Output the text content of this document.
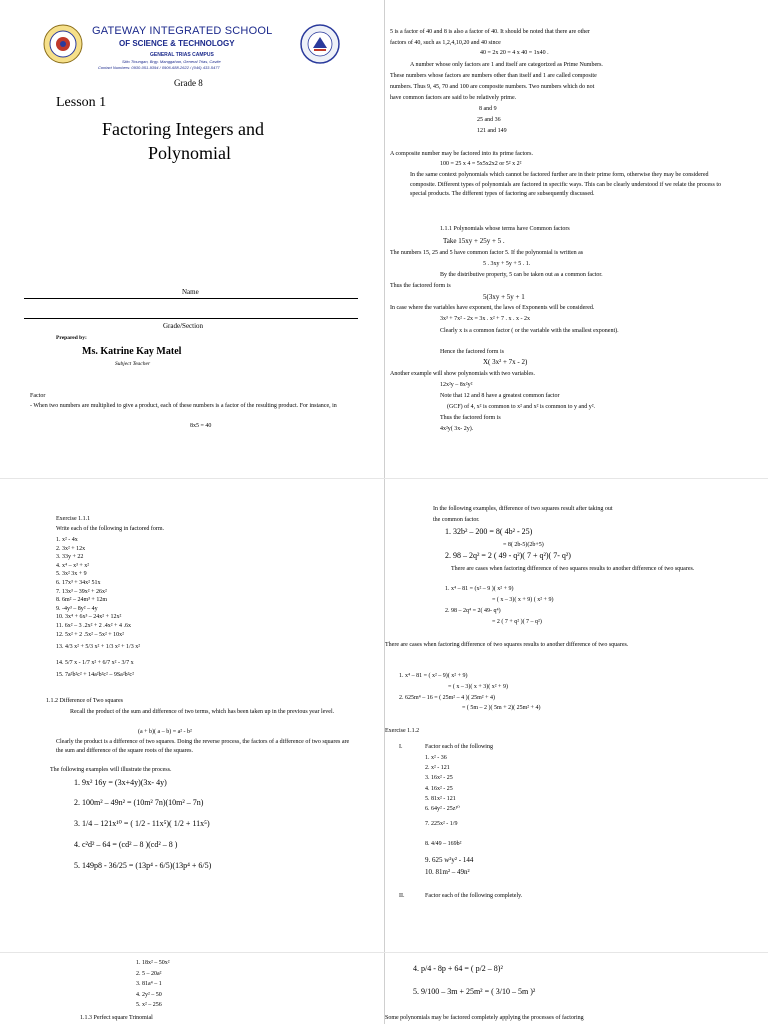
GATEWAY INTEGRATED SCHOOL
OF SCIENCE & TECHNOLOGY
GENERAL TRIAS CAMPUS
Sitio Tinungan, Brgy. Manggahan, General Trias, Cavite
Contact Numbers: 0930-051-9394 / 0906-688-2622 / (046) 433-5477
Grade 8
Lesson 1
Factoring Integers and
Polynomial
Name
Grade/Section
Prepared by:
Ms. Katrine Kay Matel
Subject Teacher
Factor
- When two numbers are multiplied to give a product, each of these numbers is a factor of the resulting product. For instance, in
8x5 = 40
5 is a factor of 40 and 8 is also a factor of 40. It should be noted that there are other
factors of 40, such as 1,2,4,10,20 and 40 since
40 = 2x 20 = 4 x 40 = 1x40 .
A number whose only factors are 1 and itself are categorized as Prime Numbers.
These numbers whose factors are numbers other than itself and 1 are called composite
numbers. Thus 9, 45, 70 and 100 are composite numbers. Two numbers which do not
have common factors are said to be relatively prime.
8 and 9
25 and 36
121 and 149
A composite number may be factored into its prime factors.
100 = 25 x 4 = 5x5x2x2 or 5² x 2²
In the same context polynomials which cannot be factored further are in their prime form, otherwise they may be considered composite. Different types of polynomials are factored in specific ways. This can be clearly understood if we relate the process to special products. The different types of factoring are subsequently discussed.
1.1.1 Polynomials whose terms have Common factors
Take 15xy + 25y + 5 .
The numbers 15, 25 and 5 have common factor 5. If the polynomial is written as
5 . 3xy + 5y + 5 . 1.
By the distributive property, 5 can be taken out as a common factor.
Thus the factored form is
5(3xy + 5y + 1
In case where the variables have exponent, the laws of Exponents will be considered.
3x³ + 7x² - 2x = 3x . x² + 7 . x . x - 2x
Clearly x is a common factor ( or the variable with the smallest exponent).
Hence the factored form is
X( 3x² + 7x - 2)
Another example will show polynomials with two variables.
12x²y – 8x²y²
Note that 12 and 8 have a greatest common factor
(GCF) of 4, x² is common to x² and x² is common to y and y².
Thus the factored form is
4x²y( 3x- 2y).
Exercise 1.1.1
Write each of the following in factored form.
1. x² - 4x
2. 3x² + 12x
3. 33y + 22
4. x⁴ – x³ + x²
5. 3x² 3x + 9
6. 17x³ + 34x² 51x
7. 13x³ – 39x² + 26x²
8. 6m² – 24m³ + 12m
9. -4y³ – 8y² – 4y
10. 3x⁴ + 6x³ – 24x² + 12x²
11. 6x² – 3 .2x² + 2 .4x² + 4 .6x
12. 5x² + 2 .5x² – 5x² + 10x²
13. 4/3 x² + 5/3 x² + 1/3 x² + 1/3 x²
14. 5/7 x - 1/7 x² + 6/7 x² - 3/7 x
15. 7a²b²c² + 14a²b²c² – 9Sa²b²c²
1.1.2 Difference of Two squares
Recall the product of the sum and difference of two terms, which has been taken up in the previous year level.
(a + b)( a – b) = a² - b²
Clearly the product is a difference of two squares. Doing the reverse process, the factors of a difference of two squares are the sum and difference of the square roots of the squares.
The following examples will illustrate the process.
1. 9x² 16y = (3x+4y)(3x- 4y)
2. 100m² – 49n² = (10m² 7n)(10m² – 7n)
3. 1/4 – 121x¹⁰ = ( 1/2 - 11x⁵)( 1/2 + 11x⁵)
4. c²d² – 64 = (cd² – 8 )(cd² – 8 )
5. 149p8 - 36/25 = (13p⁴ - 6/5)(13p⁴ + 6/5)
In the following examples, difference of two squares result after taking out
the common factor.
1. 32b² – 200 = 8( 4b² - 25)
= 8( 2b-5)(2b+5)
2. 98 – 2q² = 2 ( 49 - q²)( 7 + q²)( 7- q²)
There are cases when factoring difference of two squares results to another difference of two squares.
1. x⁴ – 81 = (x² – 9 )( x² + 9)
= ( x – 3)( x + 9) ( x² + 9)
2. 98 – 2q⁴ = 2( 49- q⁴)
= 2 ( 7 + q² )( 7 – q²)
There are cases when factoring difference of two squares results to another difference of two squares.
1. x⁴ – 81 = ( x² – 9)( x² + 9)
= ( x – 3)( x + 3)( x² + 9)
2. 625m⁴ – 16 = ( 25m² – 4 )( 25m² + 4)
= ( 5m – 2 )( 5m + 2)( 25m² + 4)
Exercise 1.1.2
I.	Factor each of the following
1. x² - 36
2. x² - 121
3. 16x² - 25
4. 16x² - 25
5. 81x² - 121
6. 64y² - 25z¹⁰
7. 225x² - 1/9
8. 4/49 – 169b²
9. 625 w²y² - 144
10. 81m² – 49n²
II.	Factor each of the following completely.
1. 18x² – 50x²
2. 5 – 20a²
3. 81a⁴ – 1
4. 2y² – 50
5. x² – 256
1.1.3 Perfect square Trinomial
4. p/4 - 8p + 64 = ( p/2 – 8)²
5. 9/100 – 3m + 25m² = ( 3/10 – 5m )²
Some polynomials may be factored completely applying the processes of factoring
